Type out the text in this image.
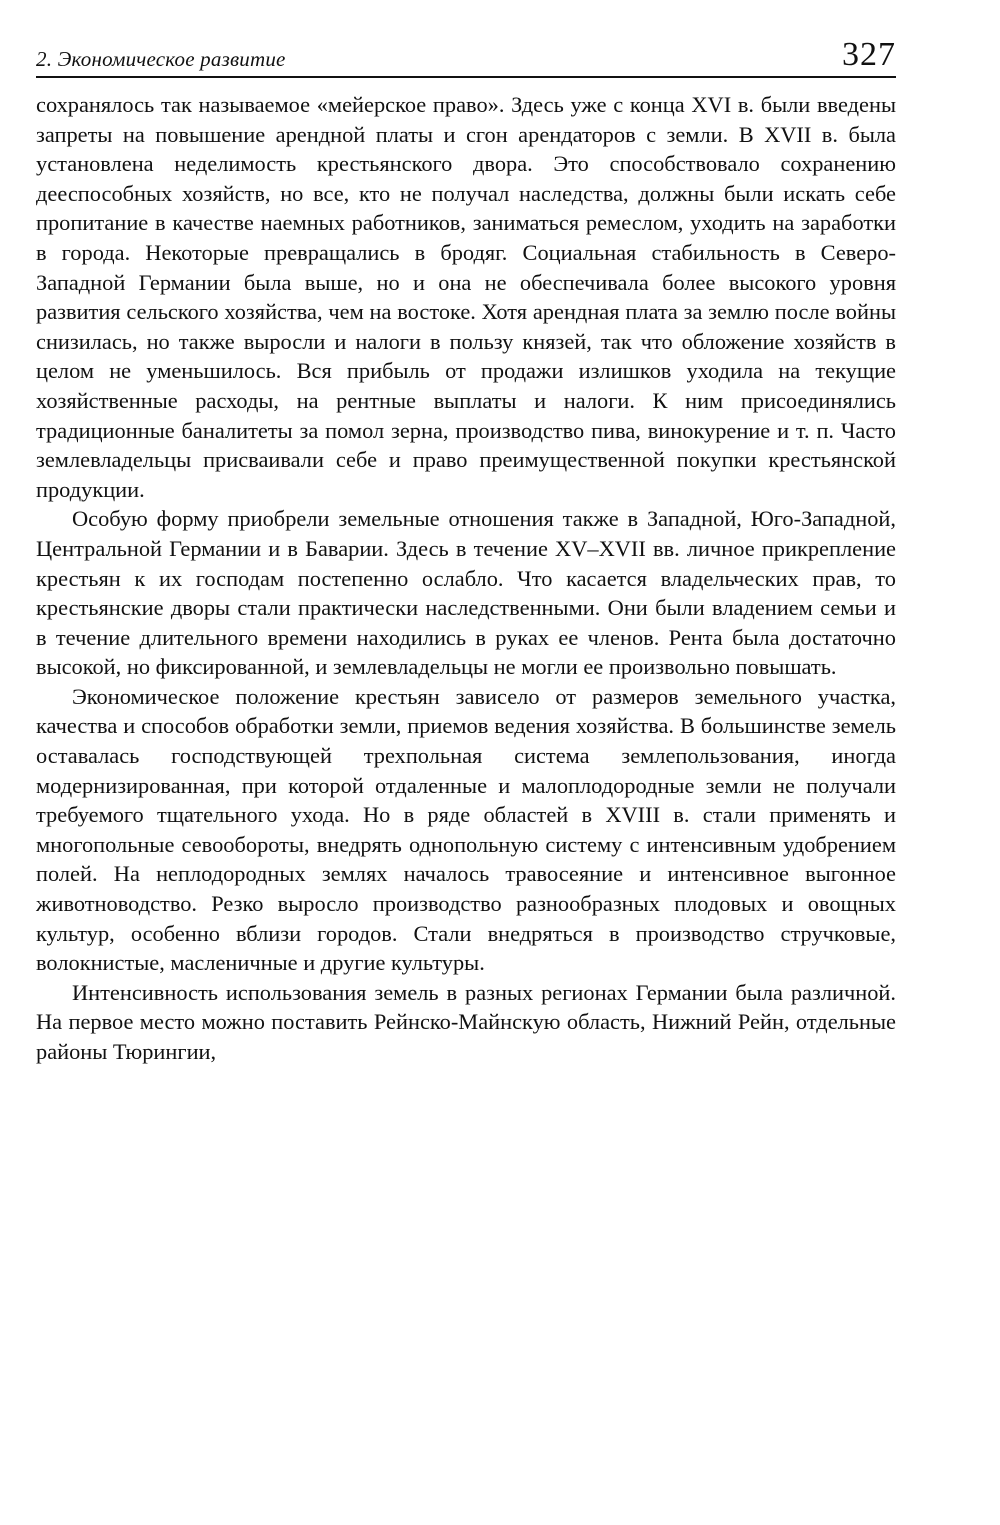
2. Экономическое развитие	327

сохранялось так называемое «мейерское право». Здесь уже с конца XVI в. были введены запреты на повышение арендной платы и сгон арендаторов с земли. В XVII в. была установлена неделимость крестьянского двора. Это способствовало сохранению дееспособных хозяйств, но все, кто не получал наследства, должны были искать себе пропитание в качестве наемных работников, заниматься ремеслом, уходить на заработки в города. Некоторые превращались в бродяг. Социальная стабильность в Северо-Западной Германии была выше, но и она не обеспечивала более высокого уровня развития сельского хозяйства, чем на востоке. Хотя арендная плата за землю после войны снизилась, но также выросли и налоги в пользу князей, так что обложение хозяйств в целом не уменьшилось. Вся прибыль от продажи излишков уходила на текущие хозяйственные расходы, на рентные выплаты и налоги. К ним присоединялись традиционные баналитеты за помол зерна, производство пива, винокурение и т. п. Часто землевладельцы присваивали себе и право преимущественной покупки крестьянской продукции.

Особую форму приобрели земельные отношения также в Западной, Юго-Западной, Центральной Германии и в Баварии. Здесь в течение XV–XVII вв. личное прикрепление крестьян к их господам постепенно ослабло. Что касается владельческих прав, то крестьянские дворы стали практически наследственными. Они были владением семьи и в течение длительного времени находились в руках ее членов. Рента была достаточно высокой, но фиксированной, и землевладельцы не могли ее произвольно повышать.

Экономическое положение крестьян зависело от размеров земельного участка, качества и способов обработки земли, приемов ведения хозяйства. В большинстве земель оставалась господствующей трехпольная система землепользования, иногда модернизированная, при которой отдаленные и малоплодородные земли не получали требуемого тщательного ухода. Но в ряде областей в XVIII в. стали применять и многопольные севообороты, внедрять однопольную систему с интенсивным удобрением полей. На неплодородных землях началось травосеяние и интенсивное выгонное животноводство. Резко выросло производство разнообразных плодовых и овощных культур, особенно вблизи городов. Стали внедряться в производство стручковые, волокнистые, масленичные и другие культуры.

Интенсивность использования земель в разных регионах Германии была различной. На первое место можно поставить Рейнско-Майнскую область, Нижний Рейн, отдельные районы Тюрингии,
